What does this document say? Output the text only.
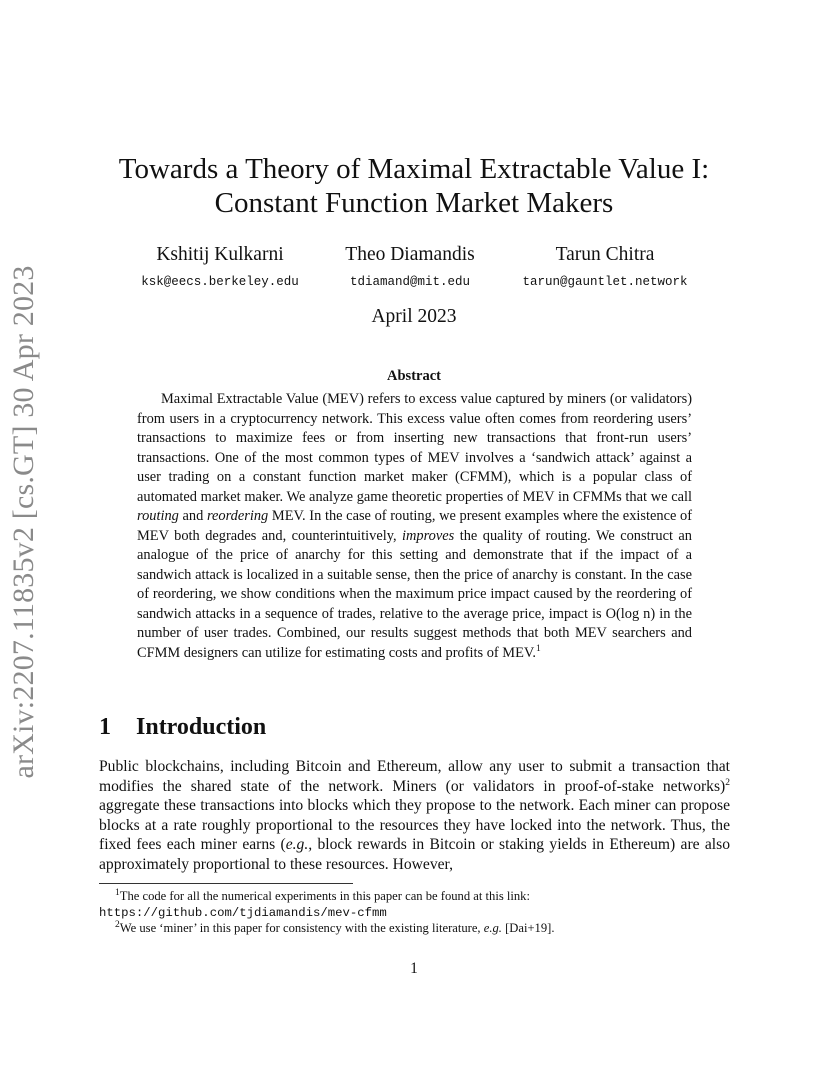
arXiv:2207.11835v2 [cs.GT] 30 Apr 2023
Towards a Theory of Maximal Extractable Value I:
Constant Function Market Makers
Kshitij Kulkarni
ksk@eecs.berkeley.edu
Theo Diamandis
tdiamand@mit.edu
Tarun Chitra
tarun@gauntlet.network
April 2023
Abstract
Maximal Extractable Value (MEV) refers to excess value captured by miners (or validators) from users in a cryptocurrency network. This excess value often comes from reordering users’ transactions to maximize fees or from inserting new transactions that front-run users’ transactions. One of the most common types of MEV involves a ‘sandwich attack’ against a user trading on a constant function market maker (CFMM), which is a popular class of automated market maker. We analyze game theoretic properties of MEV in CFMMs that we call routing and reordering MEV. In the case of routing, we present examples where the existence of MEV both degrades and, counterintuitively, improves the quality of routing. We construct an analogue of the price of anarchy for this setting and demonstrate that if the impact of a sandwich attack is localized in a suitable sense, then the price of anarchy is constant. In the case of reordering, we show conditions when the maximum price impact caused by the reordering of sandwich attacks in a sequence of trades, relative to the average price, impact is O(log n) in the number of user trades. Combined, our results suggest methods that both MEV searchers and CFMM designers can utilize for estimating costs and profits of MEV.$^1$
1 Introduction
Public blockchains, including Bitcoin and Ethereum, allow any user to submit a transaction that modifies the shared state of the network. Miners (or validators in proof-of-stake networks)$^2$ aggregate these transactions into blocks which they propose to the network. Each miner can propose blocks at a rate roughly proportional to the resources they have locked into the network. Thus, the fixed fees each miner earns (e.g., block rewards in Bitcoin or staking yields in Ethereum) are also approximately proportional to these resources. However,
$^1$The code for all the numerical experiments in this paper can be found at this link: https://github.com/tjdiamandis/mev-cfmm
$^2$We use ‘miner’ in this paper for consistency with the existing literature, e.g. [Dai+19].
1
